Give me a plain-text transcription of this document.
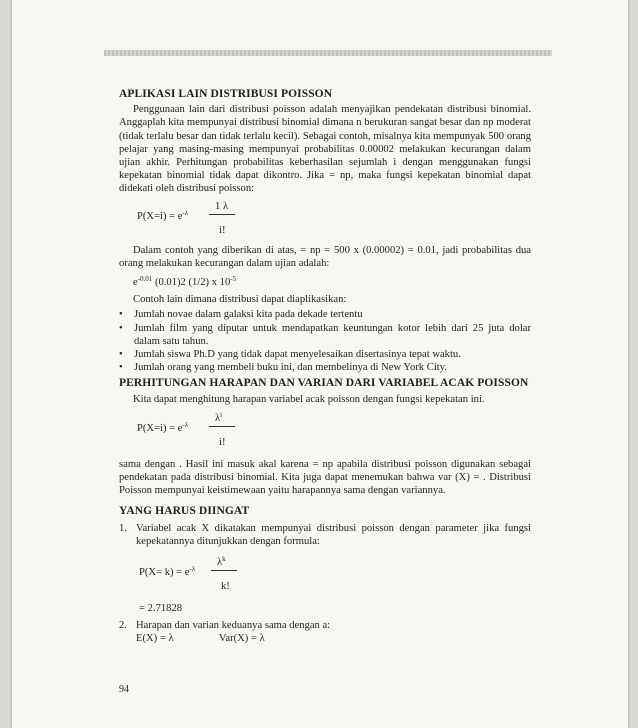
APLIKASI LAIN DISTRIBUSI POISSON

Penggunaan lain dari distribusi poisson adalah menyajikan pendekatan distribusi binomial. Anggaplah kita mempunyai distribusi binomial dimana n berukuran sangat besar dan np moderat (tidak terlalu besar dan tidak terlalu kecil). Sebagai contoh, misalnya kita mempunyak 500 orang pelajar yang masing-masing mempunyai probabilitas 0.00002 melakukan kecurangan dalam ujian akhir. Perhitungan probabilitas keberhasilan sejumlah i dengan menggunakan fungsi kepekatan binomial tidak dapat dikontro. Jika = np, maka fungsi kepekatan binomial dapat didekati oleh distribusi poisson:

1 λ
$P(X=i) = e^{-\lambda}$
i!

Dalam contoh yang diberikan di atas, = np = 500 x (0.00002) = 0.01, jadi probabilitas dua orang melakukan kecurangan dalam ujian adalah:

$e^{-0.01}$ (0.01)2 (1/2) x $10^{-5}$

Contoh lain dimana distribusi dapat diaplikasikan:

• Jumlah novae dalam galaksi kita pada dekade tertentu
• Jumlah film yang diputar untuk mendapatkan keuntungan kotor lebih dari 25 juta dolar dalam satu tahun.
• Jumlah siswa Ph.D yang tidak dapat menyelesaikan disertasinya tepat waktu.
• Jumlah orang yang membeli buku ini, dan membelinya di New York City.
PERHITUNGAN HARAPAN DAN VARIAN DARI VARIABEL ACAK POISSON

Kita dapat menghitung harapan variabel acak poisson dengan fungsi kepekatan ini.

$\lambda^i$
$P(X=i) = e^{-\lambda}$
i!

sama dengan . Hasil ini masuk akal karena = np apabila distribusi poisson digunakan sebagai pendekatan pada distribusi binomial. Kita juga dapat menemukan bahwa var (X) = . Distribusi Poisson mempunyai keistimewaan yaitu harapannya sama dengan variannya.

YANG HARUS DIINGAT
1. Variabel acak X dikatakan mempunyai distribusi poisson dengan parameter jika fungsi kepekatannya ditunjukkan dengan formula:
$\lambda^k$
$P(X= k) = e^{-\lambda}$
k!

= 2.71828

2. Harapan dan varian keduanya sama dengan a:

E(X) = λ	Var(X) = λ

94
